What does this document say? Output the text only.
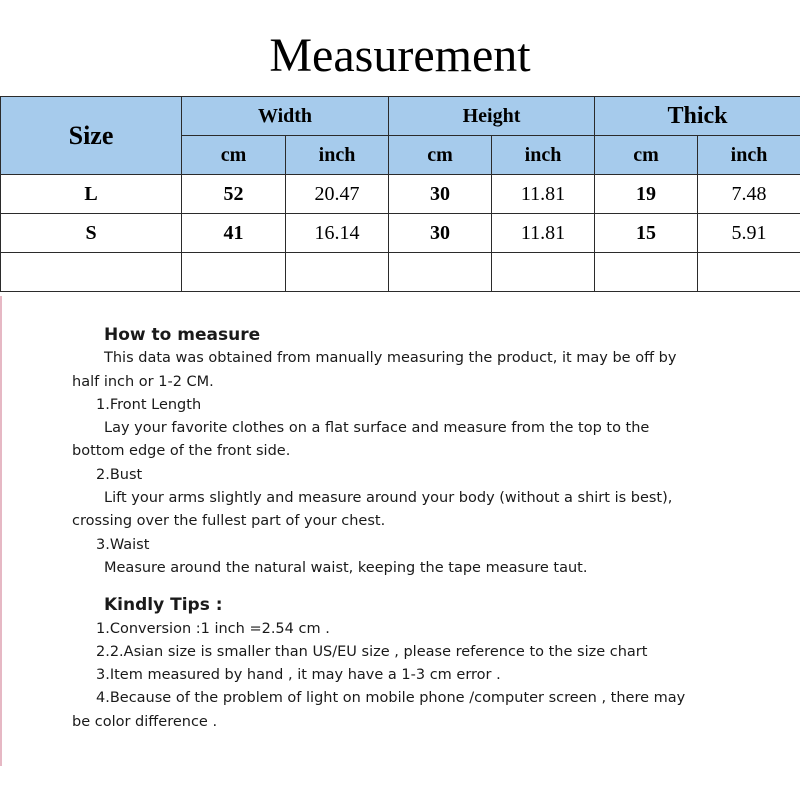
Measurement
Size	Width		Height		Thick	
	cm	inch	cm	inch	cm	inch
L	52	20.47	30	11.81	19	7.48
S	41	16.14	30	11.81	15	5.91

How to measure
This data was obtained from manually measuring the product, it may be off by
half inch or 1-2 CM.
1.Front Length
Lay your favorite clothes on a flat surface and measure from the top to the
bottom edge of the front side.
2.Bust
Lift your arms slightly and measure around your body (without a shirt is best),
crossing over the fullest part of your chest.
3.Waist
Measure around the natural waist, keeping the tape measure taut.
Kindly Tips :
1.Conversion :1 inch =2.54 cm .
2.2.Asian size is smaller than US/EU size , please reference to the size chart
3.Item measured by hand , it may have a 1-3 cm error .
4.Because of the problem of light on mobile phone /computer screen , there may
be color difference .
